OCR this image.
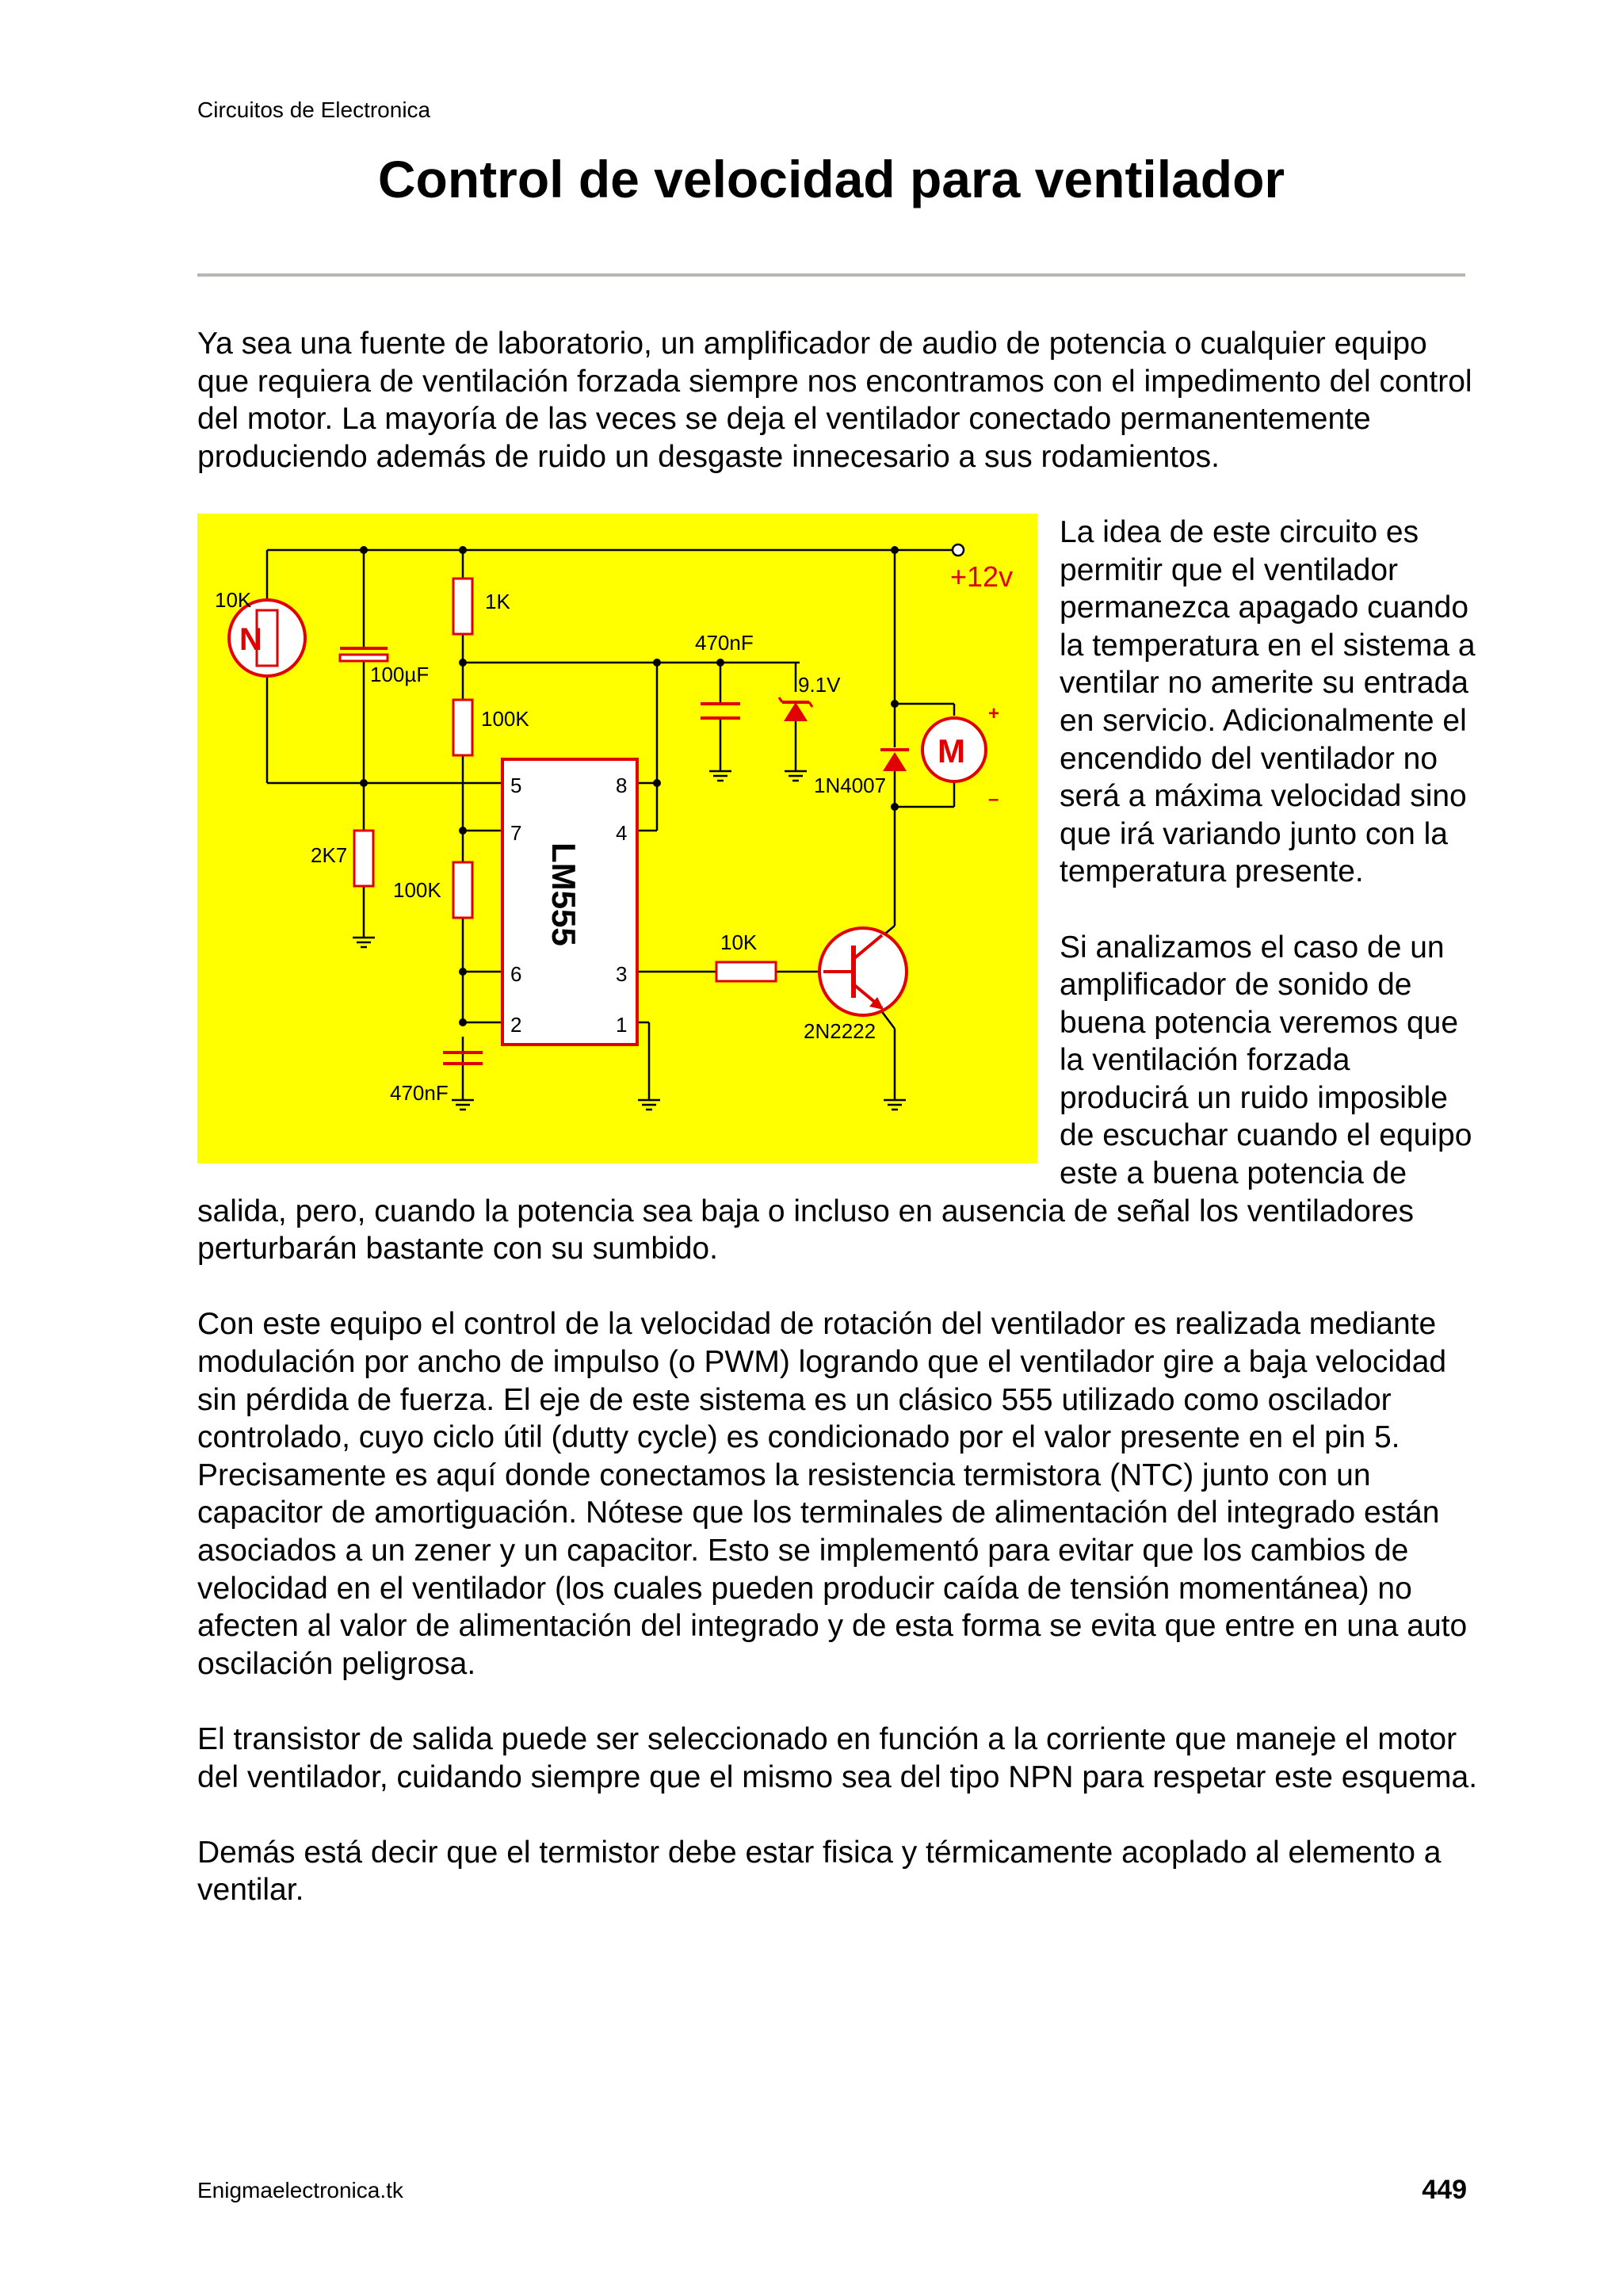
Circuitos de Electronica
Control de velocidad para ventilador

Ya sea una fuente de laboratorio, un amplificador de audio de potencia o cualquier equipo que requiera de ventilación forzada siempre nos encontramos con el impedimento del control del motor. La mayoría de las veces se deja el ventilador conectado permanentemente produciendo además de ruido un desgaste innecesario a sus rodamientos.

+12v
N
10K
100µF
1K
100K
2K7
100K
470nF
9.1V
1N4007
M
+
–
LM555
5
7
6
2
8
4
3
1
10K
2N2222
470nF

La idea de este circuito es permitir que el ventilador permanezca apagado cuando la temperatura en el sistema a ventilar no amerite su entrada en servicio. Adicionalmente el encendido del ventilador no será a máxima velocidad sino que irá variando junto con la temperatura presente.

Si analizamos el caso de un amplificador de sonido de buena potencia veremos que la ventilación forzada producirá un ruido imposible de escuchar cuando el equipo este a buena potencia de salida, pero, cuando la potencia sea baja o incluso en ausencia de señal los ventiladores perturbarán bastante con su sumbido.

Con este equipo el control de la velocidad de rotación del ventilador es realizada mediante modulación por ancho de impulso (o PWM) logrando que el ventilador gire a baja velocidad sin pérdida de fuerza. El eje de este sistema es un clásico 555 utilizado como oscilador controlado, cuyo ciclo útil (dutty cycle) es condicionado por el valor presente en el pin 5. Precisamente es aquí donde conectamos la resistencia termistora (NTC) junto con un capacitor de amortiguación. Nótese que los terminales de alimentación del integrado están asociados a un zener y un capacitor. Esto se implementó para evitar que los cambios de velocidad en el ventilador (los cuales pueden producir caída de tensión momentánea) no afecten al valor de alimentación del integrado y de esta forma se evita que entre en una auto oscilación peligrosa.

El transistor de salida puede ser seleccionado en función a la corriente que maneje el motor del ventilador, cuidando siempre que el mismo sea del tipo NPN para respetar este esquema.

Demás está decir que el termistor debe estar fisica y térmicamente acoplado al elemento a ventilar.

Enigmaelectronica.tk	449
